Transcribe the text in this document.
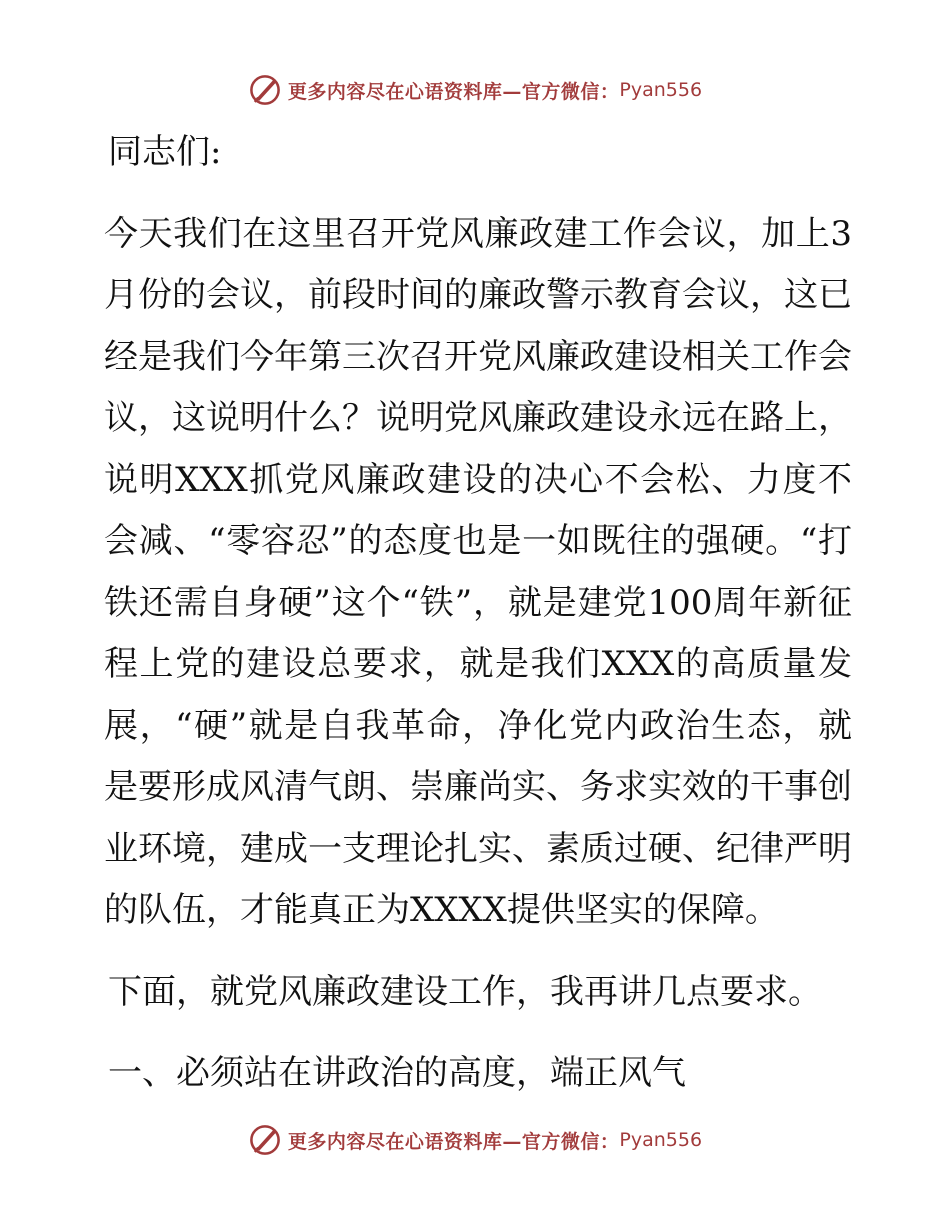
更多内容尽在心语资料库—官方微信： Pyan556

同志们:

今天我们在这里召开党风廉政建工作会议，加上3月份的会议，前段时间的廉政警示教育会议，这已经是我们今年第三次召开党风廉政建设相关工作会议，这说明什么？说明党风廉政建设永远在路上，说明XXX抓党风廉政建设的决心不会松、力度不会减、“零容忍”的态度也是一如既往的强硬。“打铁还需自身硬”这个“铁”，就是建党100周年新征程上党的建设总要求，就是我们XXX的高质量发展，“硬”就是自我革命，净化党内政治生态，就是要形成风清气朗、崇廉尚实、务求实效的干事创业环境，建成一支理论扎实、素质过硬、纪律严明的队伍，才能真正为XXXX提供坚实的保障。

下面，就党风廉政建设工作，我再讲几点要求。

一、必须站在讲政治的高度，端正风气

更多内容尽在心语资料库—官方微信： Pyan556
